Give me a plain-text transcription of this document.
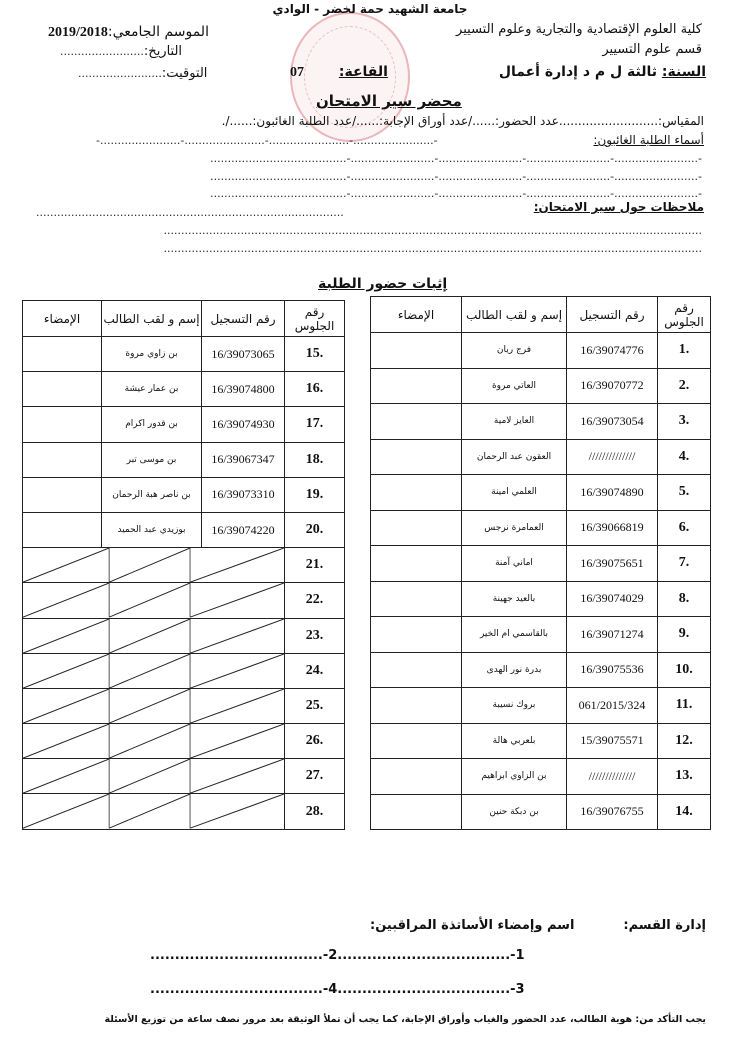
جامعة الشهيد حمة لخضر - الوادي
كلية العلوم الإقتصادية والتجارية وعلوم التسيير
قسم علوم التسيير
السنة: ثالثة ل م د إدارة أعمال
القاعة: 07
الموسم الجامعي:2019/2018
التاريخ:........................
التوقيت:........................
محضر سير الامتحان
المقياس:..........................عدد الحضور:....../عدد أوراق الإجابة:....../عدد الطلبة الغائبون:....../.
أسماء الطلبة الغائبون:
-.......................-.......................-.......................-.......................-
-........................-........................-........................-........................-.......................................
-........................-........................-........................-........................-.......................................
-........................-........................-........................-........................-.......................................
ملاحظات حول سير الامتحان:
........................................................................................
..........................................................................................................................................................
..........................................................................................................................................................
إثبات حضور الطلبة
رقم الجلوس	رقم التسجيل	إسم و لقب الطالب	الإمضاء
1.	16/39074776	فرج ريان	
2.	16/39070772	العاتي مروة	
3.	16/39073054	العايز لامية	
4.	//////////////	العقون عبد الرحمان	
5.	16/39074890	العلمي امينة	
6.	16/39066819	العمامرة نرجس	
7.	16/39075651	اماني آمنة	
8.	16/39074029	بالعيد جهينة	
9.	16/39071274	بالقاسمي ام الخير	
10.	16/39075536	بدرة نور الهدى	
11.	061/2015/324	بروك نسيبة	
12.	15/39075571	بلعربي هالة	
13.	//////////////	بن الزاوي ابراهيم	
14.	16/39076755	بن دبكة حنين	
رقم الجلوس	رقم التسجيل	إسم و لقب الطالب	الإمضاء
15.	16/39073065	بن زاوي مروة	
16.	16/39074800	بن عمار عيشة	
17.	16/39074930	بن قدور اكرام	
18.	16/39067347	بن موسى تبر	
19.	16/39073310	بن ناصر هبة الرحمان	
20.	16/39074220	بوزيدي عبد الحميد	
21.	

22.	

23.	

24.	

25.	

26.	

27.	

28.	
إدارة القسم:
اسم وإمضاء الأساتذة المراقبين:
...................................-2...................................-1
...................................-4...................................-3
يجب التأكد من: هوية الطالب، عدد الحضور والغياب وأوراق الإجابة، كما يجب أن تملأ الوثيقة بعد مرور نصف ساعة من توزيع الأسئلة
